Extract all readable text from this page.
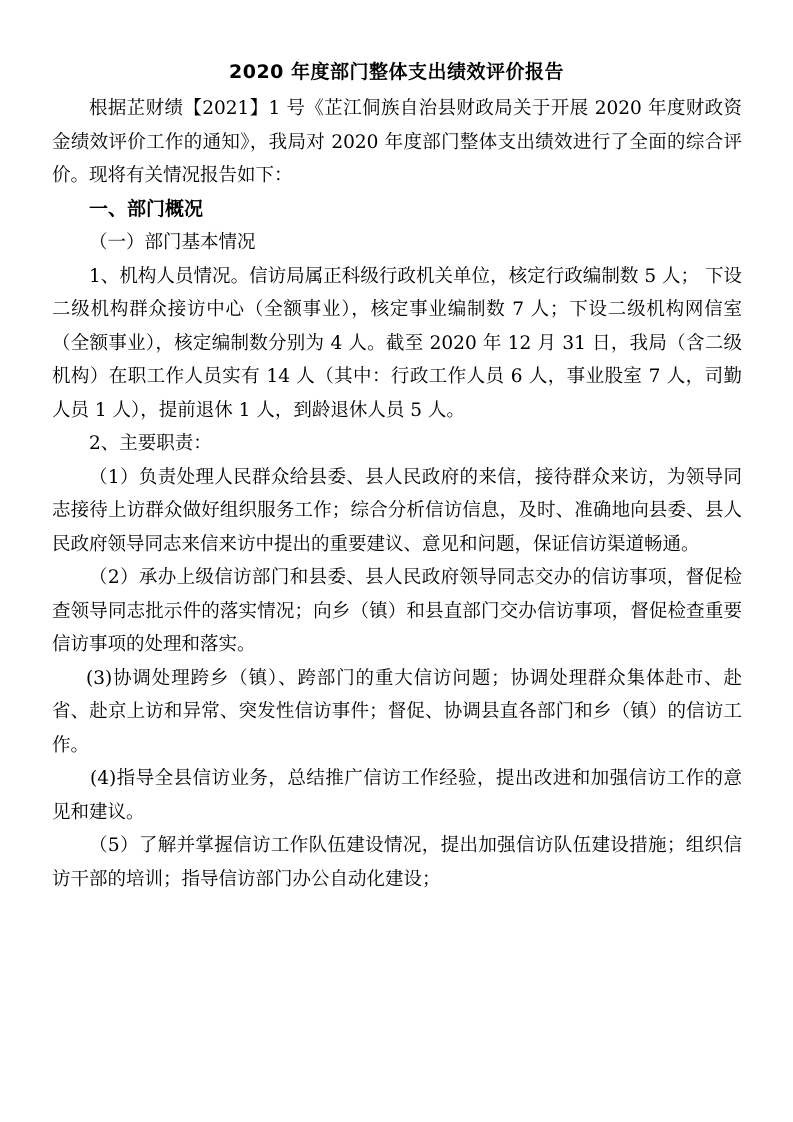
2020 年度部门整体支出绩效评价报告

根据芷财绩【2021】1 号《芷江侗族自治县财政局关于开展 2020 年度财政资金绩效评价工作的通知》，我局对 2020 年度部门整体支出绩效进行了全面的综合评价。现将有关情况报告如下：

一、部门概况

（一）部门基本情况

1、机构人员情况。信访局属正科级行政机关单位，核定行政编制数 5 人； 下设二级机构群众接访中心（全额事业），核定事业编制数 7 人；下设二级机构网信室（全额事业），核定编制数分别为 4 人。截至 2020 年 12 月 31 日，我局（含二级机构）在职工作人员实有 14 人（其中：行政工作人员 6 人，事业股室 7 人，司勤人员 1 人），提前退休 1 人，到龄退休人员 5 人。

2、主要职责：

（1）负责处理人民群众给县委、县人民政府的来信，接待群众来访，为领导同志接待上访群众做好组织服务工作；综合分析信访信息，及时、准确地向县委、县人民政府领导同志来信来访中提出的重要建议、意见和问题，保证信访渠道畅通。

（2）承办上级信访部门和县委、县人民政府领导同志交办的信访事项，督促检查领导同志批示件的落实情况；向乡（镇）和县直部门交办信访事项，督促检查重要信访事项的处理和落实。

(3)协调处理跨乡（镇）、跨部门的重大信访问题；协调处理群众集体赴市、赴省、赴京上访和异常、突发性信访事件；督促、协调县直各部门和乡（镇）的信访工作。

(4)指导全县信访业务，总结推广信访工作经验，提出改进和加强信访工作的意见和建议。

（5）了解并掌握信访工作队伍建设情况，提出加强信访队伍建设措施；组织信访干部的培训；指导信访部门办公自动化建设；
